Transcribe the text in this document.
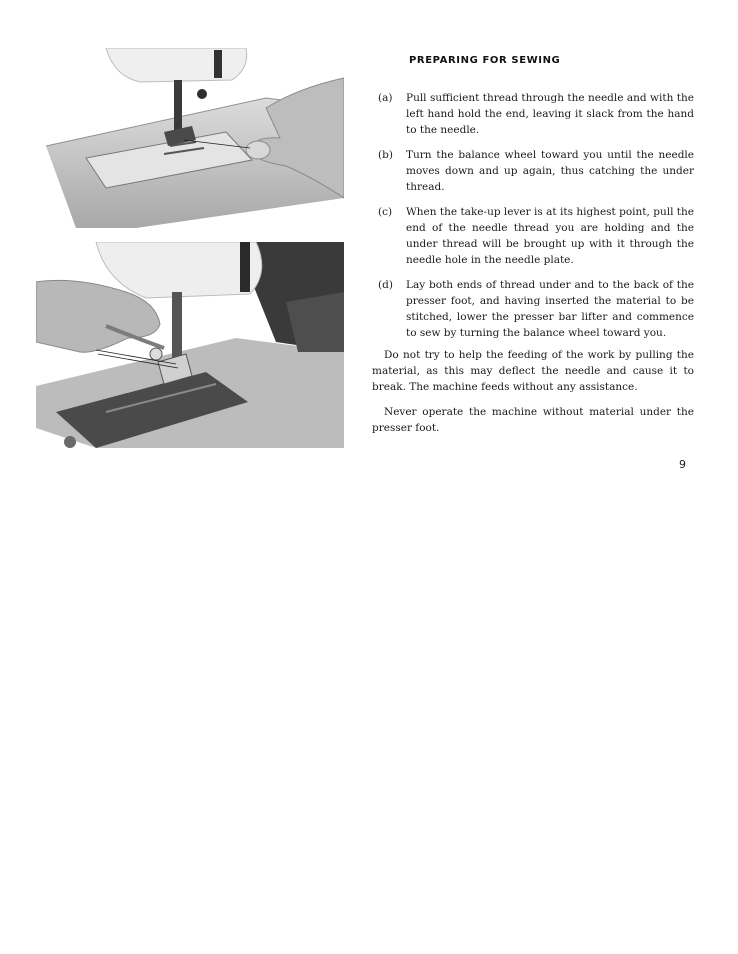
PREPARING FOR SEWING
(a)	Pull sufficient thread through the needle and with the left hand hold the end, leaving it slack from the hand to the needle.
(b)	Turn the balance wheel toward you until the needle moves down and up again, thus catching the under thread.
(c)	When the take-up lever is at its highest point, pull the end of the needle thread you are holding and the under thread will be brought up with it through the needle hole in the needle plate.
(d)	Lay both ends of thread under and to the back of the presser foot, and having inserted the material to be stitched, lower the presser bar lifter and commence to sew by turning the balance wheel toward you.

Do not try to help the feeding of the work by pulling the material, as this may deflect the needle and cause it to break. The machine feeds without any assistance.

Never operate the machine without material under the presser foot.

9
